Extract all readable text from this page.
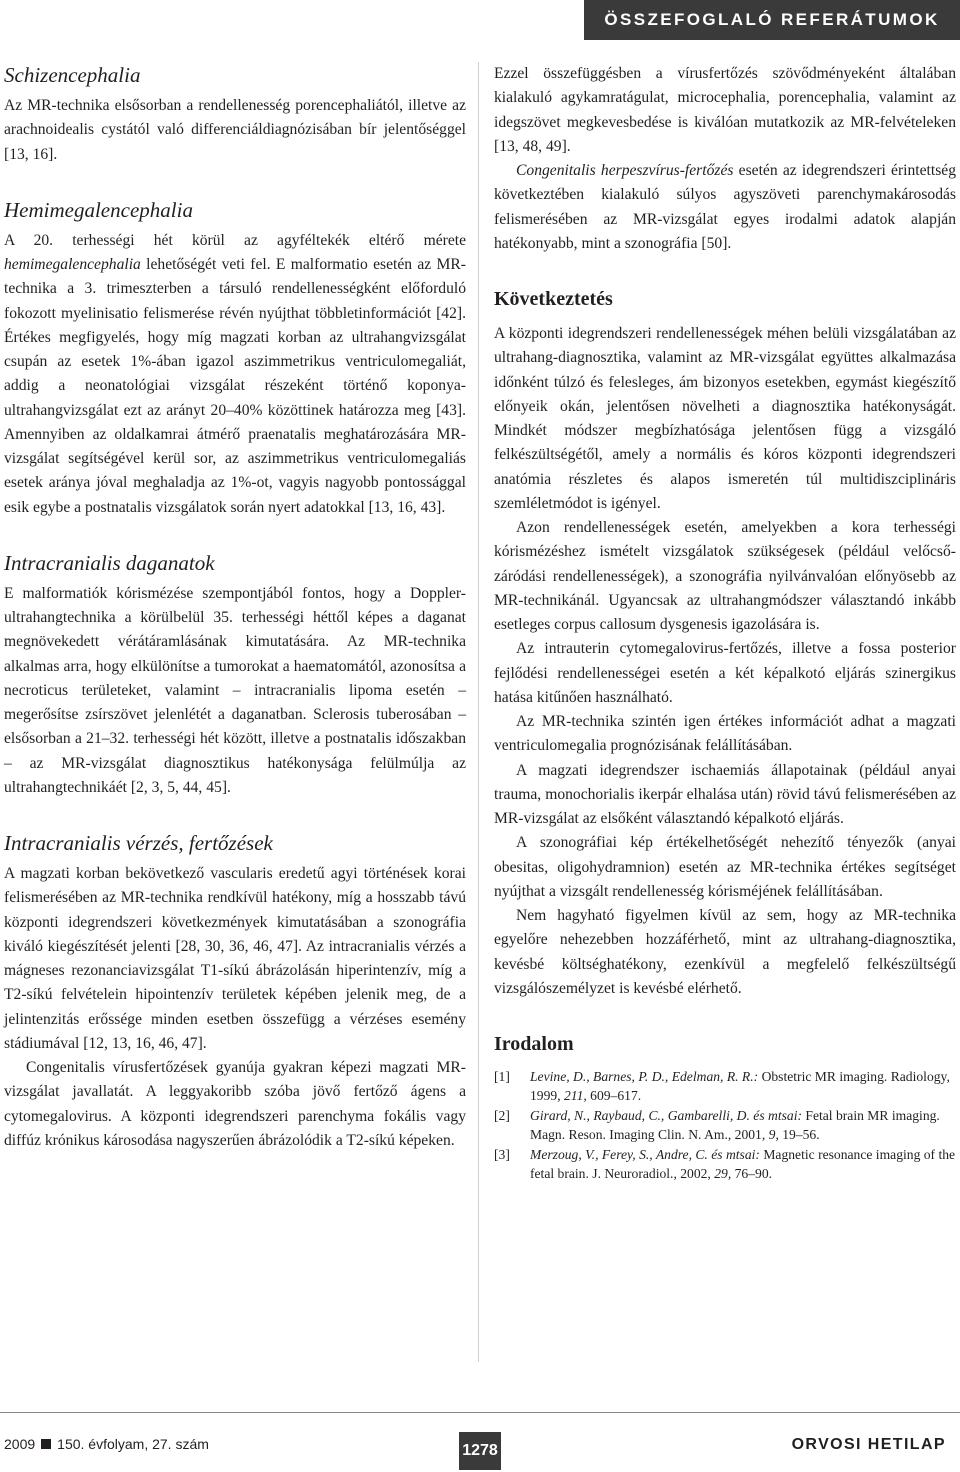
ÖSSZEFOGLALÓ REFERÁTUMOK
Schizencephalia

Az MR-technika elsősorban a rendellenesség porencephaliától, illetve az arachnoidealis cystától való differenciáldiagnózisában bír jelentőséggel [13, 16].

Hemimegalencephalia

A 20. terhességi hét körül az agyféltekék eltérő mérete hemimegalencephalia lehetőségét veti fel. E malformatio esetén az MR-technika a 3. trimeszterben a társuló rendellenességként előforduló fokozott myelinisatio felismerése révén nyújthat többletinformációt [42]. Értékes megfigyelés, hogy míg magzati korban az ultrahangvizsgálat csupán az esetek 1%-ában igazol aszimmetrikus ventriculomegaliát, addig a neonatológiai vizsgálat részeként történő koponya-ultrahangvizsgálat ezt az arányt 20–40% közöttinek határozza meg [43]. Amennyiben az oldalkamrai átmérő praenatalis meghatározására MR-vizsgálat segítségével kerül sor, az aszimmetrikus ventriculomegaliás esetek aránya jóval meghaladja az 1%-ot, vagyis nagyobb pontossággal esik egybe a postnatalis vizsgálatok során nyert adatokkal [13, 16, 43].

Intracranialis daganatok

E malformatiók kórismézése szempontjából fontos, hogy a Doppler-ultrahangtechnika a körülbelül 35. terhességi héttől képes a daganat megnövekedett vérátáramlásának kimutatására. Az MR-technika alkalmas arra, hogy elkülönítse a tumorokat a haematomától, azonosítsa a necroticus területeket, valamint – intracranialis lipoma esetén – megerősítse zsírszövet jelenlétét a daganatban. Sclerosis tuberosában – elsősorban a 21–32. terhességi hét között, illetve a postnatalis időszakban – az MR-vizsgálat diagnosztikus hatékonysága felülmúlja az ultrahangtechnikáét [2, 3, 5, 44, 45].

Intracranialis vérzés, fertőzések

A magzati korban bekövetkező vascularis eredetű agyi történések korai felismerésében az MR-technika rendkívül hatékony, míg a hosszabb távú központi idegrendszeri következmények kimutatásában a szonográfia kiváló kiegészítését jelenti [28, 30, 36, 46, 47]. Az intracranialis vérzés a mágneses rezonanciavizsgálat T1-síkú ábrázolásán hiperintenzív, míg a T2-síkú felvételein hipointenzív területek képében jelenik meg, de a jelintenzitás erőssége minden esetben összefügg a vérzéses esemény stádiumával [12, 13, 16, 46, 47].

Congenitalis vírusfertőzések gyanúja gyakran képezi magzati MR-vizsgálat javallatát. A leggyakoribb szóba jövő fertőző ágens a cytomegalovirus. A központi idegrendszeri parenchyma fokális vagy diffúz krónikus károsodása nagyszerűen ábrázolódik a T2-síkú képeken.

Ezzel összefüggésben a vírusfertőzés szövődményeként általában kialakuló agykamratágulat, microcephalia, porencephalia, valamint az idegszövet megkevesbedése is kiválóan mutatkozik az MR-felvételeken [13, 48, 49].

Congenitalis herpeszvírus-fertőzés esetén az idegrendszeri érintettség következtében kialakuló súlyos agyszöveti parenchymakárosodás felismerésében az MR-vizsgálat egyes irodalmi adatok alapján hatékonyabb, mint a szonográfia [50].

Következtetés

A központi idegrendszeri rendellenességek méhen belüli vizsgálatában az ultrahang-diagnosztika, valamint az MR-vizsgálat együttes alkalmazása időnként túlzó és felesleges, ám bizonyos esetekben, egymást kiegészítő előnyeik okán, jelentősen növelheti a diagnosztika hatékonyságát. Mindkét módszer megbízhatósága jelentősen függ a vizsgáló felkészültségétől, amely a normális és kóros központi idegrendszeri anatómia részletes és alapos ismeretén túl multidiszciplináris szemléletmódot is igényel.

Azon rendellenességek esetén, amelyekben a kora terhességi kórismézéshez ismételt vizsgálatok szükségesek (például velőcső-záródási rendellenességek), a szonográfia nyilvánvalóan előnyösebb az MR-technikánál. Ugyancsak az ultrahangmódszer választandó inkább esetleges corpus callosum dysgenesis igazolására is.

Az intrauterin cytomegalovirus-fertőzés, illetve a fossa posterior fejlődési rendellenességei esetén a két képalkotó eljárás szinergikus hatása kitűnően használható.

Az MR-technika szintén igen értékes információt adhat a magzati ventriculomegalia prognózisának felállításában.

A magzati idegrendszer ischaemiás állapotainak (például anyai trauma, monochorialis ikerpár elhalása után) rövid távú felismerésében az MR-vizsgálat az elsőként választandó képalkotó eljárás.

A szonográfiai kép értékelhetőségét nehezítő tényezők (anyai obesitas, oligohydramnion) esetén az MR-technika értékes segítséget nyújthat a vizsgált rendellenesség kórisméjének felállításában.

Nem hagyható figyelmen kívül az sem, hogy az MR-technika egyelőre nehezebben hozzáférhető, mint az ultrahang-diagnosztika, kevésbé költséghatékony, ezenkívül a megfelelő felkészültségű vizsgálószemélyzet is kevésbé elérhető.

Irodalom
[1]	Levine, D., Barnes, P. D., Edelman, R. R.: Obstetric MR imaging. Radiology, 1999, 211, 609–617.
[2]	Girard, N., Raybaud, C., Gambarelli, D. és mtsai: Fetal brain MR imaging. Magn. Reson. Imaging Clin. N. Am., 2001, 9, 19–56.
[3]	Merzoug, V., Ferey, S., Andre, C. és mtsai: Magnetic resonance imaging of the fetal brain. J. Neuroradiol., 2002, 29, 76–90.
2009 150. évfolyam, 27. szám	1278	ORVOSI HETILAP
